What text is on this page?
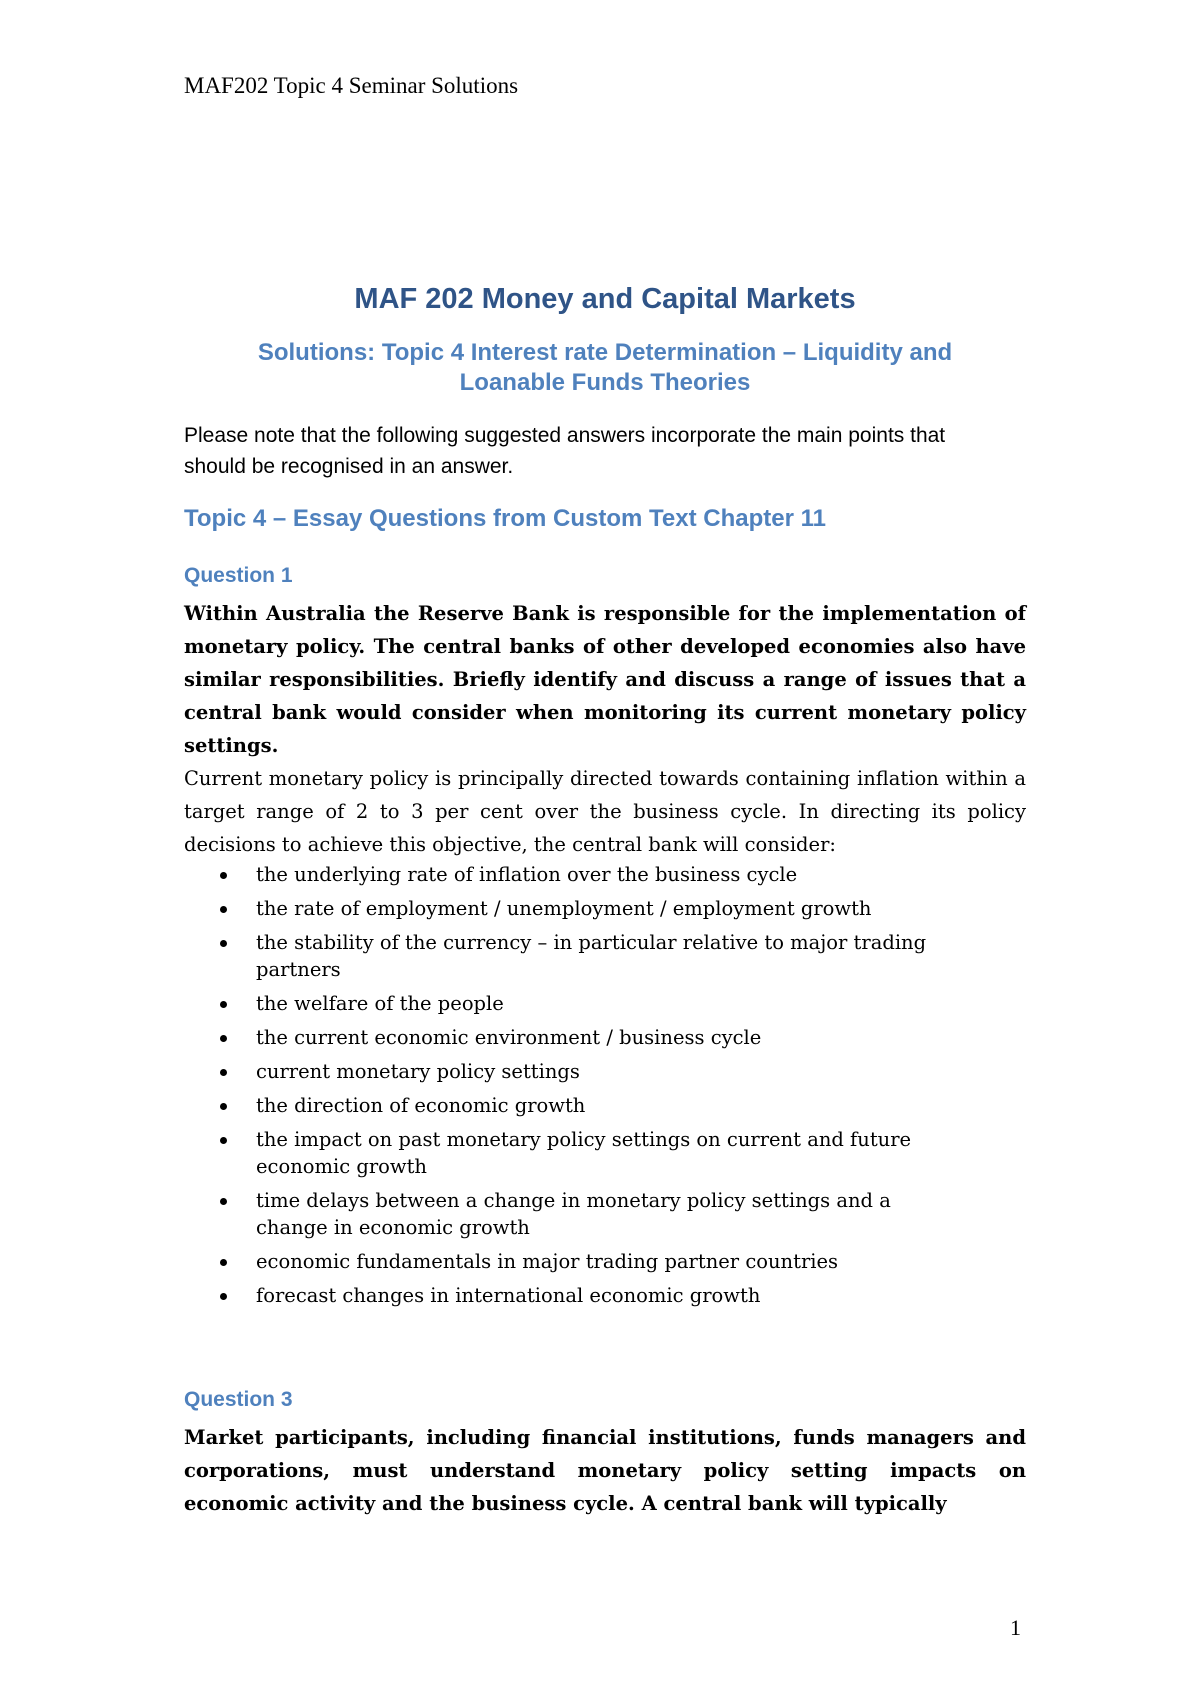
MAF202 Topic 4 Seminar Solutions
MAF 202 Money and Capital Markets
Solutions: Topic 4 Interest rate Determination – Liquidity and Loanable Funds Theories

Please note that the following suggested answers incorporate the main points that should be recognised in an answer.

Topic 4 – Essay Questions from Custom Text Chapter 11
Question 1

Within Australia the Reserve Bank is responsible for the implementation of monetary policy. The central banks of other developed economies also have similar responsibilities. Briefly identify and discuss a range of issues that a central bank would consider when monitoring its current monetary policy settings.

Current monetary policy is principally directed towards containing inflation within a target range of 2 to 3 per cent over the business cycle. In directing its policy decisions to achieve this objective, the central bank will consider:

the underlying rate of inflation over the business cycle
the rate of employment / unemployment / employment growth
the stability of the currency – in particular relative to major trading partners
the welfare of the people
the current economic environment / business cycle
current monetary policy settings
the direction of economic growth
the impact on past monetary policy settings on current and future economic growth
time delays between a change in monetary policy settings and a change in economic growth
economic fundamentals in major trading partner countries
forecast changes in international economic growth
Question 3

Market participants, including financial institutions, funds managers and corporations, must understand monetary policy setting impacts on economic activity and the business cycle. A central bank will typically

1
